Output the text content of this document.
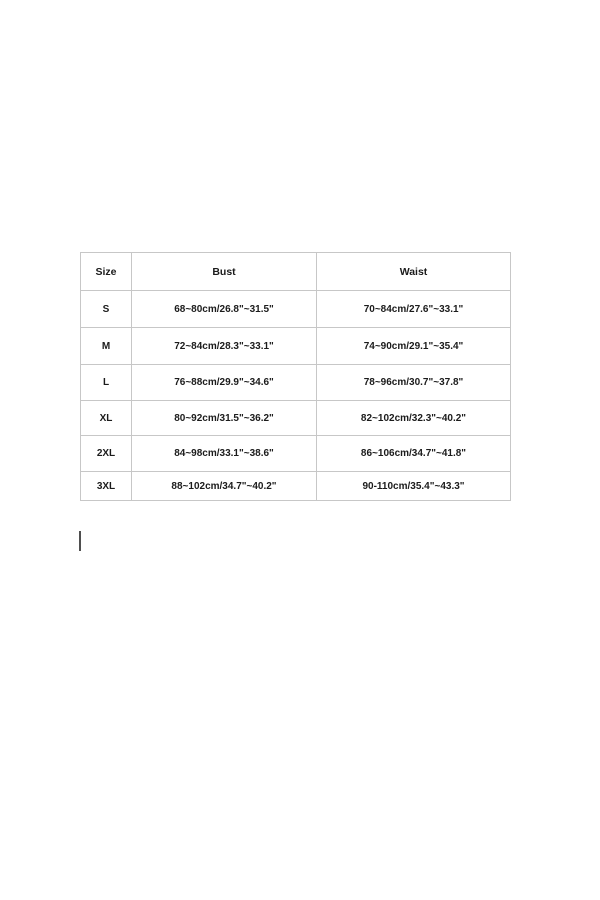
Size	Bust	Waist
S	68~80cm/26.8"~31.5"	70~84cm/27.6"~33.1"
M	72~84cm/28.3"~33.1"	74~90cm/29.1"~35.4"
L	76~88cm/29.9"~34.6"	78~96cm/30.7"~37.8"
XL	80~92cm/31.5"~36.2"	82~102cm/32.3"~40.2"
2XL	84~98cm/33.1"~38.6"	86~106cm/34.7"~41.8"
3XL	88~102cm/34.7"~40.2"	90-110cm/35.4"~43.3"
